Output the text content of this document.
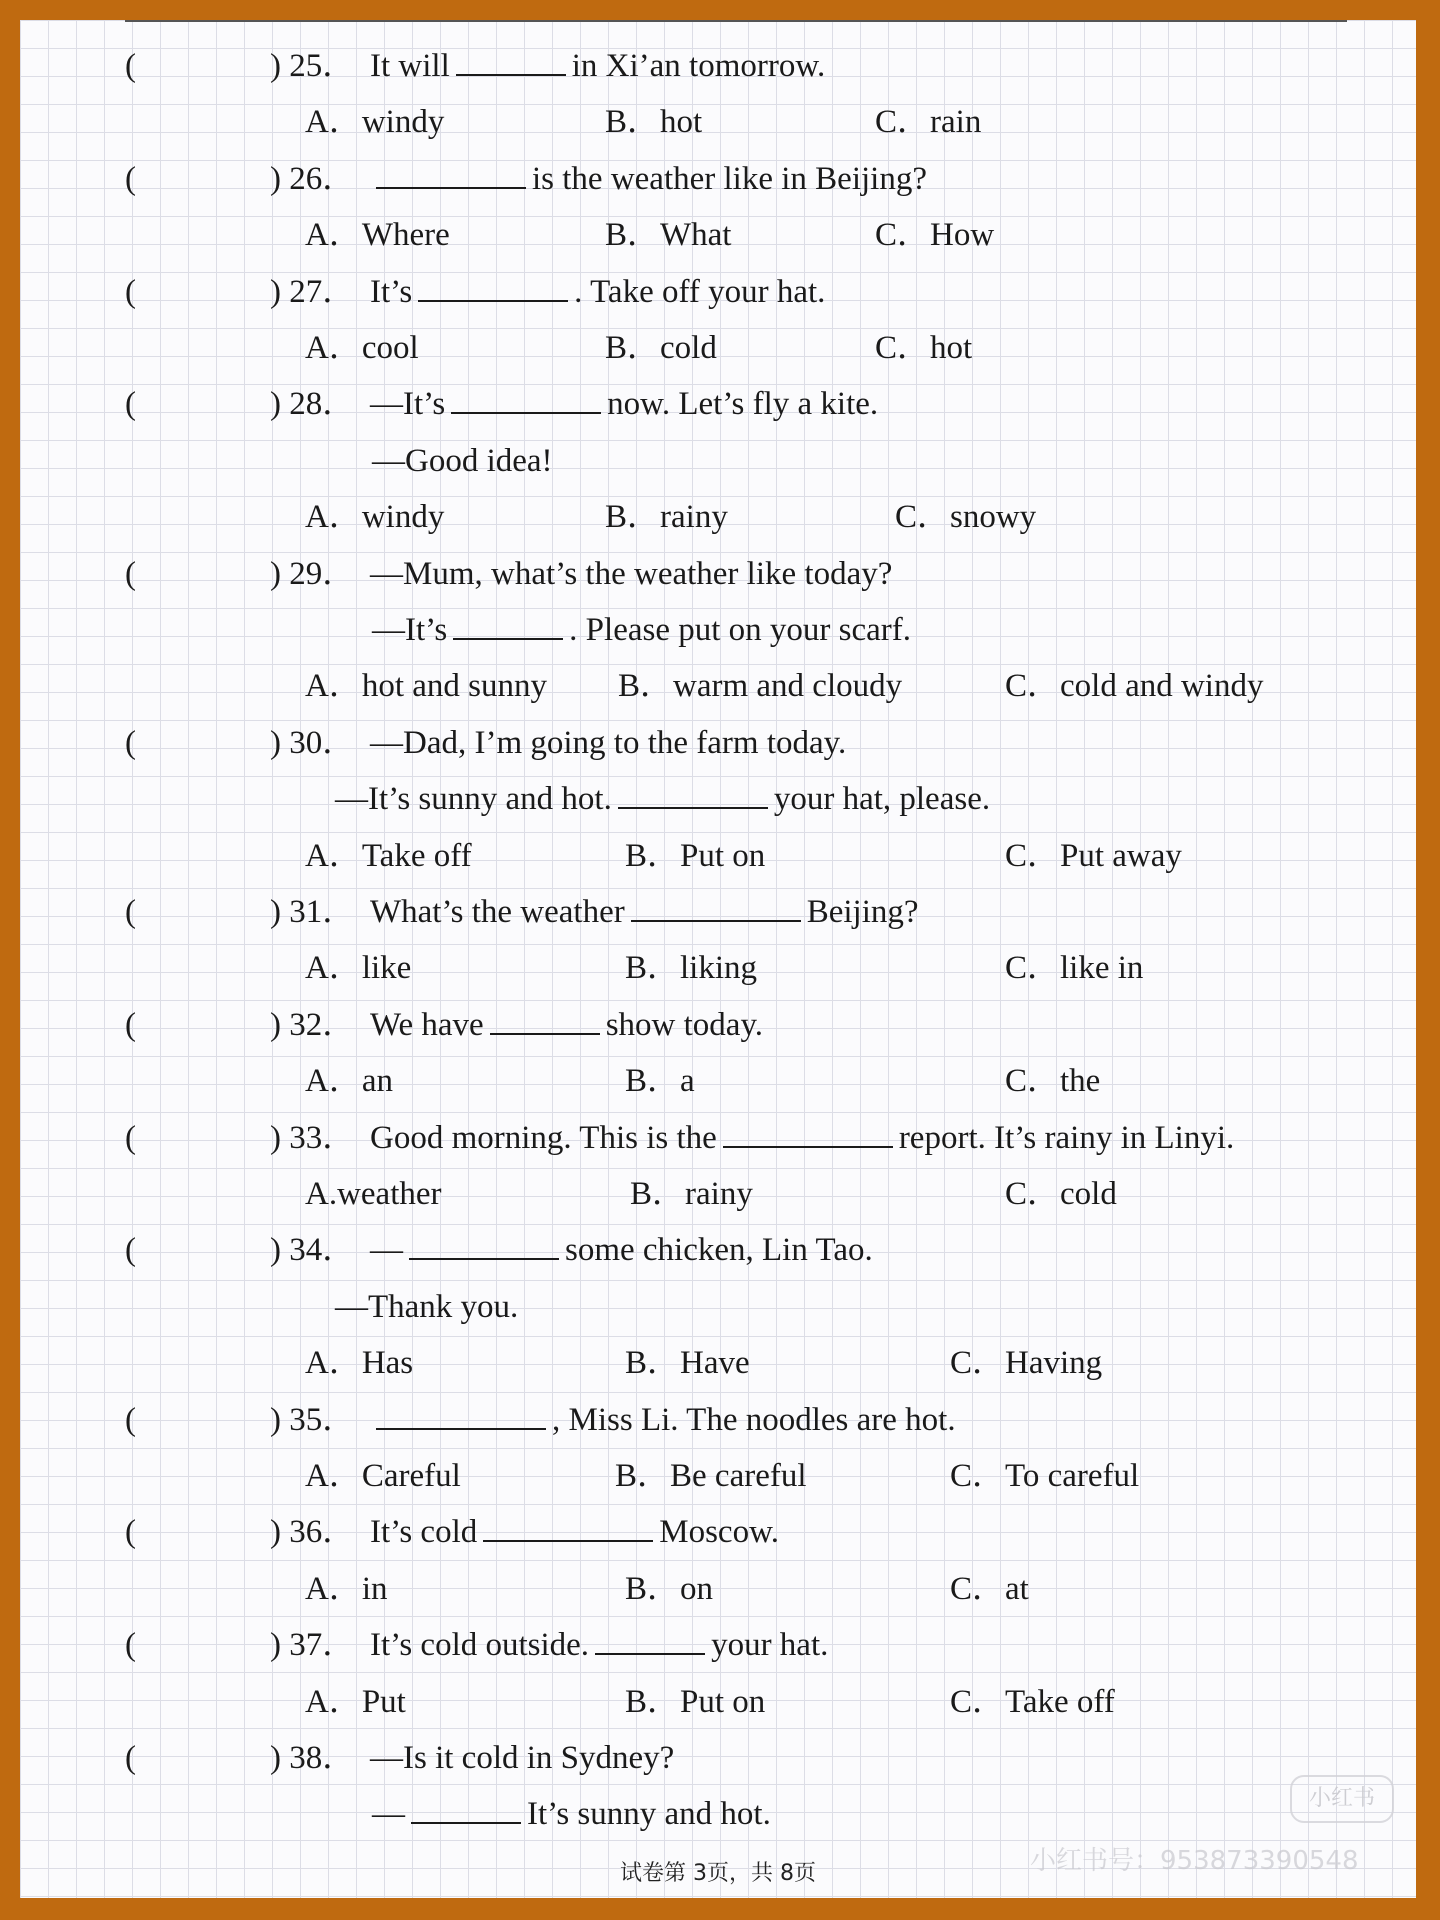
(	) 25． It will	in Xi’an tomorrow.
A．windy	B．hot	C．rain
(	) 26．	is the weather like in Beijing?
A．Where	B．What	C．How
(	) 27． It’s	. Take off your hat.
A．cool	B．cold	C．hot
(	) 28． —It’s	now. Let’s fly a kite.
—Good idea!
A．windy	B．rainy	C．snowy
(	) 29． —Mum, what’s the weather like today?
—It’s	. Please put on your scarf.
A．hot and sunny B．warm and cloudy	C．cold and windy
(	) 30． —Dad, I’m going to the farm today.
—It’s sunny and hot.	your hat, please.
A．Take off	B．Put on	C．Put away
(	) 31． What’s the weather	Beijing?
A．like	B．liking	C．like in
(	) 32． We have	show today.
A．an	B．a	C．the
(	) 33． Good morning. This is the	report. It’s rainy in Linyi.
A.weather	B．rainy	C．cold
(	) 34． —	some chicken, Lin Tao.
—Thank you.
A．Has	B．Have	C．Having
(	) 35．	, Miss Li. The noodles are hot.
A．Careful	B．Be careful	C．To careful
(	) 36． It’s cold	Moscow.
A．in	B．on	C．at
(	) 37． It’s cold outside.	your hat.
A．Put	B．Put on	C．Take off
(	) 38． —Is it cold in Sydney?
—	It’s sunny and hot.	小红书
小红书号：953873390548
试卷第 3页，共 8页
